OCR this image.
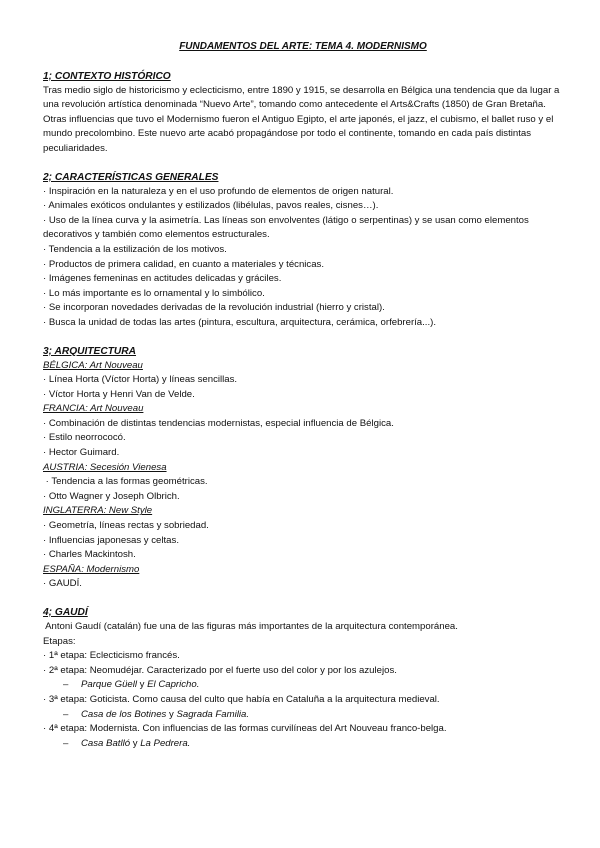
FUNDAMENTOS DEL ARTE: TEMA 4. MODERNISMO

1; CONTEXTO HISTÓRICO

Tras medio siglo de historicismo y eclecticismo, entre 1890 y 1915, se desarrolla en Bélgica una tendencia que da lugar a una revolución artística denominada “Nuevo Arte”, tomando como antecedente el Arts&Crafts (1850) de Gran Bretaña. Otras influencias que tuvo el Modernismo fueron el Antiguo Egipto, el arte japonés, el jazz, el cubismo, el ballet ruso y el mundo precolombino. Este nuevo arte acabó propagándose por todo el continente, tomando en cada país distintas peculiaridades.

2; CARACTERÍSTICAS GENERALES

· Inspiración en la naturaleza y en el uso profundo de elementos de origen natural.

· Animales exóticos ondulantes y estilizados (libélulas, pavos reales, cisnes…).

· Uso de la línea curva y la asimetría. Las líneas son envolventes (látigo o serpentinas) y se usan como elementos decorativos y también como elementos estructurales.

· Tendencia a la estilización de los motivos.

· Productos de primera calidad, en cuanto a materiales y técnicas.

· Imágenes femeninas en actitudes delicadas y gráciles.

· Lo más importante es lo ornamental y lo simbólico.

· Se incorporan novedades derivadas de la revolución industrial (hierro y cristal).

· Busca la unidad de todas las artes (pintura, escultura, arquitectura, cerámica, orfebrería...).

3; ARQUITECTURA

BÉLGICA: Art Nouveau

· Línea Horta (Víctor Horta) y líneas sencillas.

· Víctor Horta y Henri Van de Velde.

FRANCIA: Art Nouveau

· Combinación de distintas tendencias modernistas, especial influencia de Bélgica.

· Estilo neorrococó.

· Hector Guimard.

AUSTRIA: Secesión Vienesa

· Tendencia a las formas geométricas.

· Otto Wagner y Joseph Olbrich.

INGLATERRA: New Style

· Geometría, líneas rectas y sobriedad.

· Influencias japonesas y celtas.

· Charles Mackintosh.

ESPAÑA: Modernismo

· GAUDÍ.

4; GAUDÍ

Antoni Gaudí (catalán) fue una de las figuras más importantes de la arquitectura contemporánea.

Etapas:

· 1ª etapa: Eclecticismo francés.

· 2ª etapa: Neomudéjar. Caracterizado por el fuerte uso del color y por los azulejos.

– Parque Güell y El Capricho.

· 3ª etapa: Goticista. Como causa del culto que había en Cataluña a la arquitectura medieval.

– Casa de los Botines y Sagrada Familia.

· 4ª etapa: Modernista. Con influencias de las formas curvilíneas del Art Nouveau franco-belga.

– Casa Batlló y La Pedrera.
